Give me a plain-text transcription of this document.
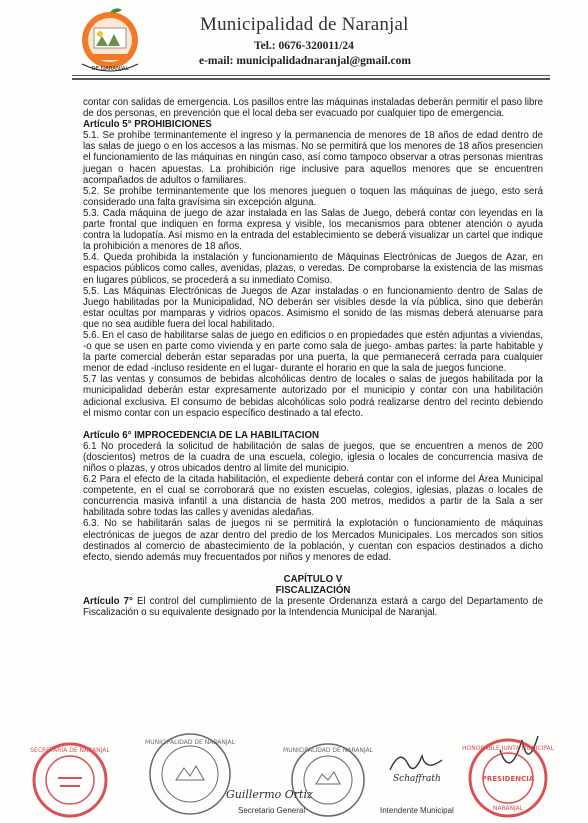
DE NARANJAL
Municipalidad de Naranjal
Tel.: 0676-320011/24
e-mail: municipalidadnaranjal@gmail.com

contar con salidas de emergencia. Los pasillos entre las máquinas instaladas deberán permitir el paso libre de dos personas, en prevención que el local deba ser evacuado por cualquier tipo de emergencia.

Artículo 5° PROHIBICIONES

5.1. Se prohíbe terminantemente el ingreso y la permanencia de menores de 18 años de edad dentro de las salas de juego o en los accesos a las mismas. No se permitirá que los menores de 18 años presencien el funcionamiento de las máquinas en ningún caso, así como tampoco observar a otras personas mientras juegan o hacen apuestas. La prohibición rige inclusive para aquellos menores que se encuentren acompañados de adultos o familiares.

5.2. Se prohíbe terminantemente que los menores jueguen o toquen las máquinas de juego, esto será considerado una falta gravísima sin excepción alguna.

5.3. Cada máquina de juego de azar instalada en las Salas de Juego, deberá contar con leyendas en la parte frontal que indiquen en forma expresa y visible, los mecanismos para obtener atención o ayuda contra la ludopatía. Así mismo en la entrada del establecimiento se deberá visualizar un cartel que indique la prohibición a menores de 18 años.

5.4. Queda prohibida la instalación y funcionamiento de Máquinas Electrónicas de Juegos de Azar, en espacios públicos como calles, avenidas, plazas, o veredas. De comprobarse la existencia de las mismas en lugares públicos, se procederá a su inmediato Comiso.

5.5. Las Máquinas Electrónicas de Juegos de Azar instaladas o en funcionamiento dentro de Salas de Juego habilitadas por la Municipalidad, NO deberán ser visibles desde la vía pública, sino que deberán estar ocultas por mamparas y vidrios opacos. Asimismo el sonido de las mismas deberá atenuarse para que no sea audible fuera del local habilitado.

5.6. En el caso de habilitarse salas de juego en edificios o en propiedades que estén adjuntas a viviendas, -o que se usen en parte como vivienda y en parte como sala de juego- ambas partes: la parte habitable y la parte comercial deberán estar separadas por una puerta, la que permanecerá cerrada para cualquier menor de edad -incluso residente en el lugar- durante el horario en que la sala de juegos funcione.

5.7 las ventas y consumos de bebidas alcohólicas dentro de locales o salas de juegos habilitada por la municipalidad deberán estar expresamente autorizado por el municipio y contar con una habilitación adicional exclusiva. El consumo de bebidas alcohólicas solo podrá realizarse dentro del recinto debiendo el mismo contar con un espacio específico destinado a tal efecto.

Artículo 6° IMPROCEDENCIA DE LA HABILITACION

6.1 No procederá la solicitud de habilitación de salas de juegos, que se encuentren a menos de 200 (doscientos) metros de la cuadra de una escuela, colegio, iglesia o locales de concurrencia masiva de niños o plazas, y otros ubicados dentro al límite del municipio.

6.2 Para el efecto de la citada habilitación, el expediente deberá contar con el informe del Área Municipal competente, en el cual se corroborará que no existen escuelas, colegios, iglesias, plazas o locales de concurrencia masiva infantil a una distancia de hasta 200 metros, medidos a partir de la Sala a ser habilitada sobre todas las calles y avenidas aledañas.

6.3. No se habilitarán salas de juegos ni se permitirá la explotación o funcionamiento de máquinas electrónicas de juegos de azar dentro del predio de los Mercados Municipales. Los mercados son sitios destinados al comercio de abastecimiento de la población, y cuentan con espacios destinados a dicho efecto, siendo además muy frecuentados por niños y menores de edad.

CAPÍTULO V

FISCALIZACIÓN

Artículo 7° El control del cumplimiento de la presente Ordenanza estará a cargo del Departamento de Fiscalización o su equivalente designado por la Intendencia Municipal de Naranjal.

SECRETARIA DE NARANJAL
MUNICIPALIDAD DE NARANJAL
MUNICIPALIDAD DE NARANJAL	HONORABLE JUNTA MUNICIPAL
PRESIDENCIA
NARANJAL
Guillermo Ortiz
Schaffrath
Secretario General	Intendente Municipal
